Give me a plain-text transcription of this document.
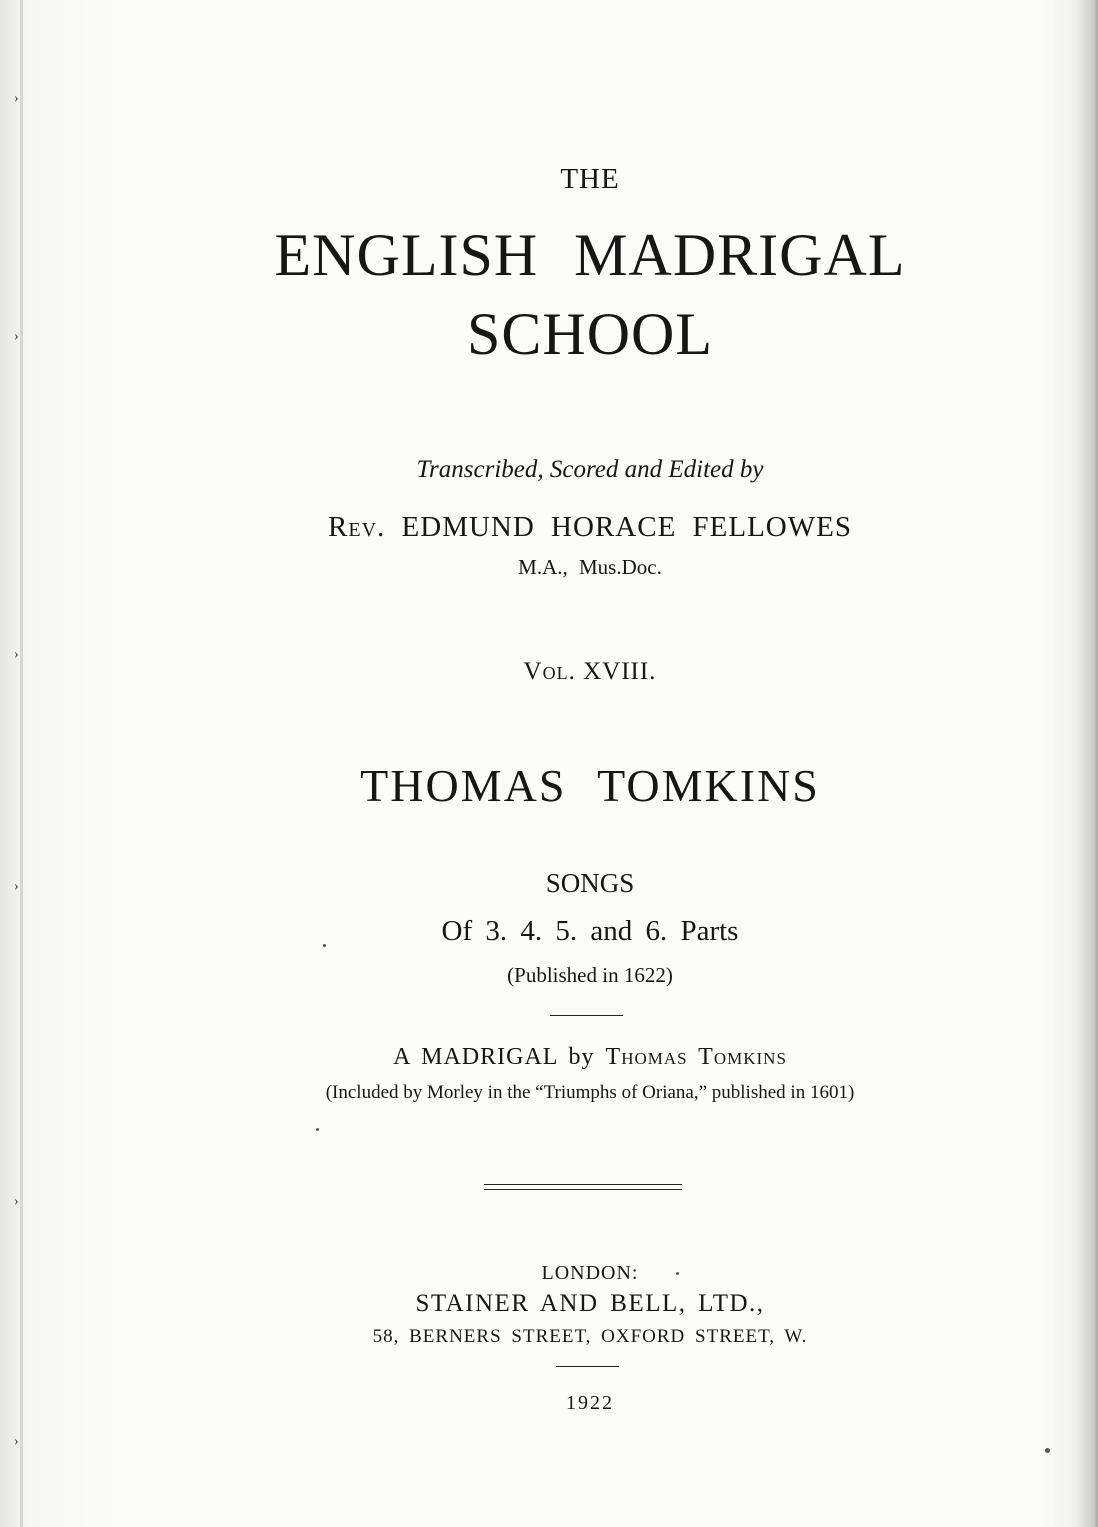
›
›
›
›
›
›
THE
ENGLISH MADRIGAL
SCHOOL
Transcribed, Scored and Edited by
Rev. EDMUND HORACE FELLOWES
M.A., Mus.Doc.
Vol. XVIII.
THOMAS TOMKINS
SONGS
Of 3. 4. 5. and 6. Parts
(Published in 1622)
A MADRIGAL by Thomas Tomkins
(Included by Morley in the “Triumphs of Oriana,” published in 1601)
LONDON:
STAINER AND BELL, LTD.,
58, BERNERS STREET, OXFORD STREET, W.
1922
